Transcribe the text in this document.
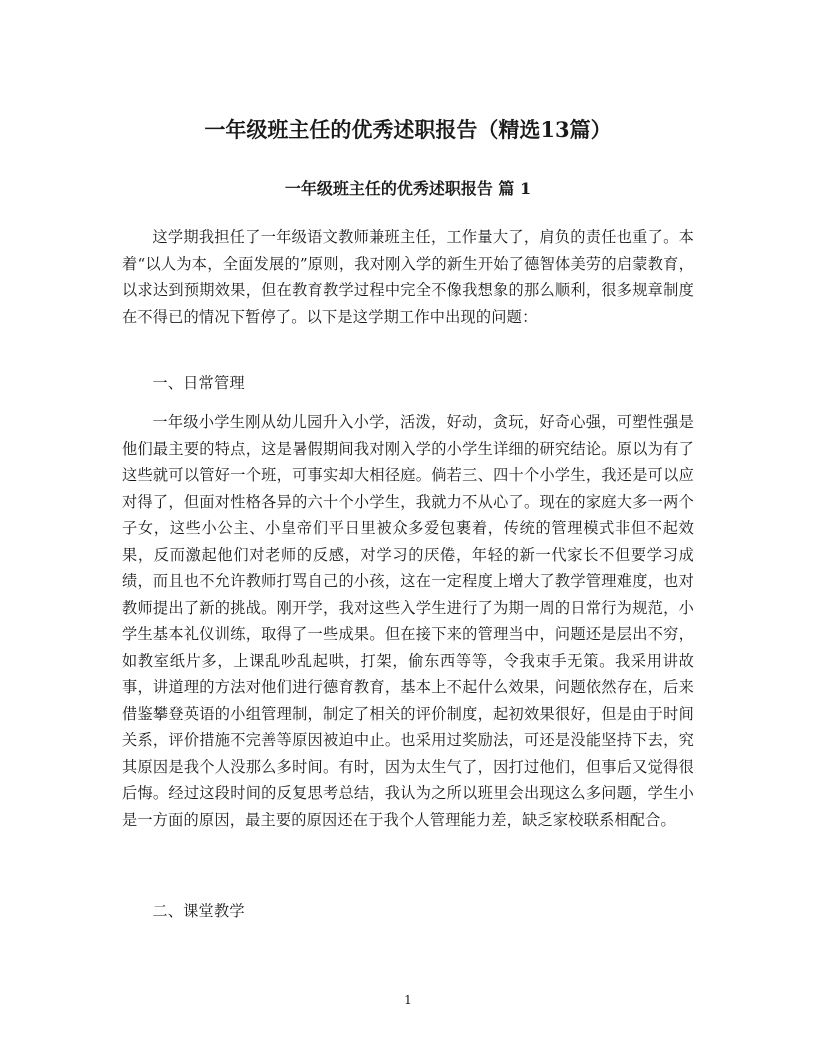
一年级班主任的优秀述职报告（精选13篇）
一年级班主任的优秀述职报告 篇 1

这学期我担任了一年级语文教师兼班主任，工作量大了，肩负的责任也重了。本着“以人为本，全面发展的”原则，我对刚入学的新生开始了德智体美劳的启蒙教育，以求达到预期效果，但在教育教学过程中完全不像我想象的那么顺利，很多规章制度在不得已的情况下暂停了。以下是这学期工作中出现的问题：

一、日常管理

一年级小学生刚从幼儿园升入小学，活泼，好动，贪玩，好奇心强，可塑性强是他们最主要的特点，这是暑假期间我对刚入学的小学生详细的研究结论。原以为有了这些就可以管好一个班，可事实却大相径庭。倘若三、四十个小学生，我还是可以应对得了，但面对性格各异的六十个小学生，我就力不从心了。现在的家庭大多一两个子女，这些小公主、小皇帝们平日里被众多爱包裹着，传统的管理模式非但不起效果，反而激起他们对老师的反感，对学习的厌倦，年轻的新一代家长不但要学习成绩，而且也不允许教师打骂自己的小孩，这在一定程度上增大了教学管理难度，也对教师提出了新的挑战。刚开学，我对这些入学生进行了为期一周的日常行为规范，小学生基本礼仪训练，取得了一些成果。但在接下来的管理当中，问题还是层出不穷，如教室纸片多，上课乱吵乱起哄，打架，偷东西等等，令我束手无策。我采用讲故事，讲道理的方法对他们进行德育教育，基本上不起什么效果，问题依然存在，后来借鉴攀登英语的小组管理制，制定了相关的评价制度，起初效果很好，但是由于时间关系，评价措施不完善等原因被迫中止。也采用过奖励法，可还是没能坚持下去，究其原因是我个人没那么多时间。有时，因为太生气了，因打过他们，但事后又觉得很后悔。经过这段时间的反复思考总结，我认为之所以班里会出现这么多问题，学生小是一方面的原因，最主要的原因还在于我个人管理能力差，缺乏家校联系相配合。

二、课堂教学

1
